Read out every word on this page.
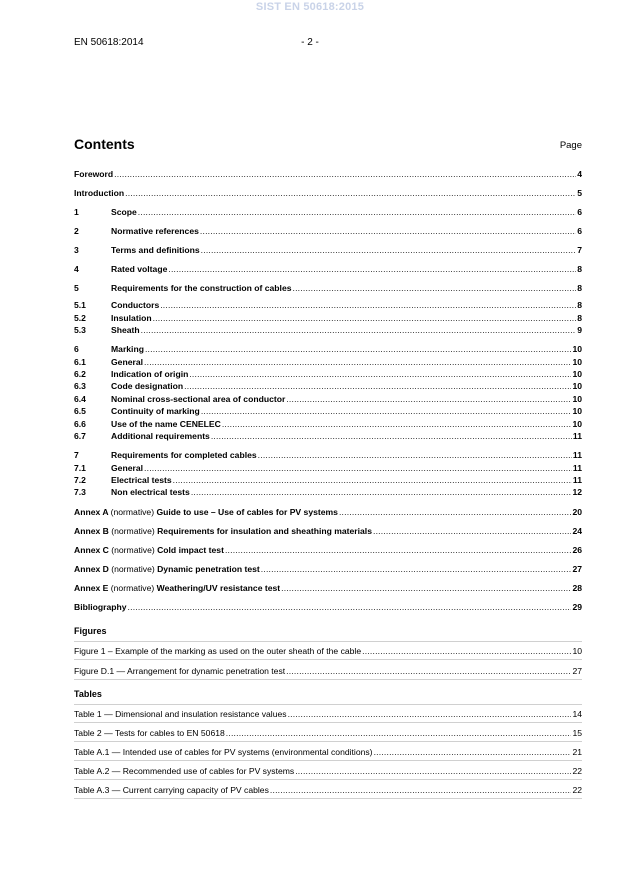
SIST EN 50618:2015
EN 50618:2014	- 2 -
Contents	Page
Foreword .....	4
Introduction .....	5
1	Scope .....	6
2	Normative references .....	6
3	Terms and definitions .....	7
4	Rated voltage .....	8
5	Requirements for the construction of cables .....	8
5.1	Conductors .....	8
5.2	Insulation .....	8
5.3	Sheath .....	9
6	Marking .....	10
6.1	General .....	10
6.2	Indication of origin .....	10
6.3	Code designation .....	10
6.4	Nominal cross-sectional area of conductor .....	10
6.5	Continuity of marking .....	10
6.6	Use of the name CENELEC .....	10
6.7	Additional requirements .....	11
7	Requirements for completed cables .....	11
7.1	General .....	11
7.2	Electrical tests .....	11
7.3	Non electrical tests .....	12
Annex A (normative) Guide to use – Use of cables for PV systems .....	20
Annex B (normative) Requirements for insulation and sheathing materials .....	24
Annex C (normative) Cold impact test .....	26
Annex D (normative) Dynamic penetration test .....	27
Annex E (normative) Weathering/UV resistance test .....	28
Bibliography .....	29
Figures
Figure 1 – Example of the marking as used on the outer sheath of the cable .....	10
Figure D.1 — Arrangement for dynamic penetration test .....	27
Tables
Table 1 — Dimensional and insulation resistance values .....	14
Table 2 — Tests for cables to EN 50618 .....	15
Table A.1 — Intended use of cables for PV systems (environmental conditions) .....	21
Table A.2 — Recommended use of cables for PV systems .....	22
Table A.3 — Current carrying capacity of PV cables .....	22
